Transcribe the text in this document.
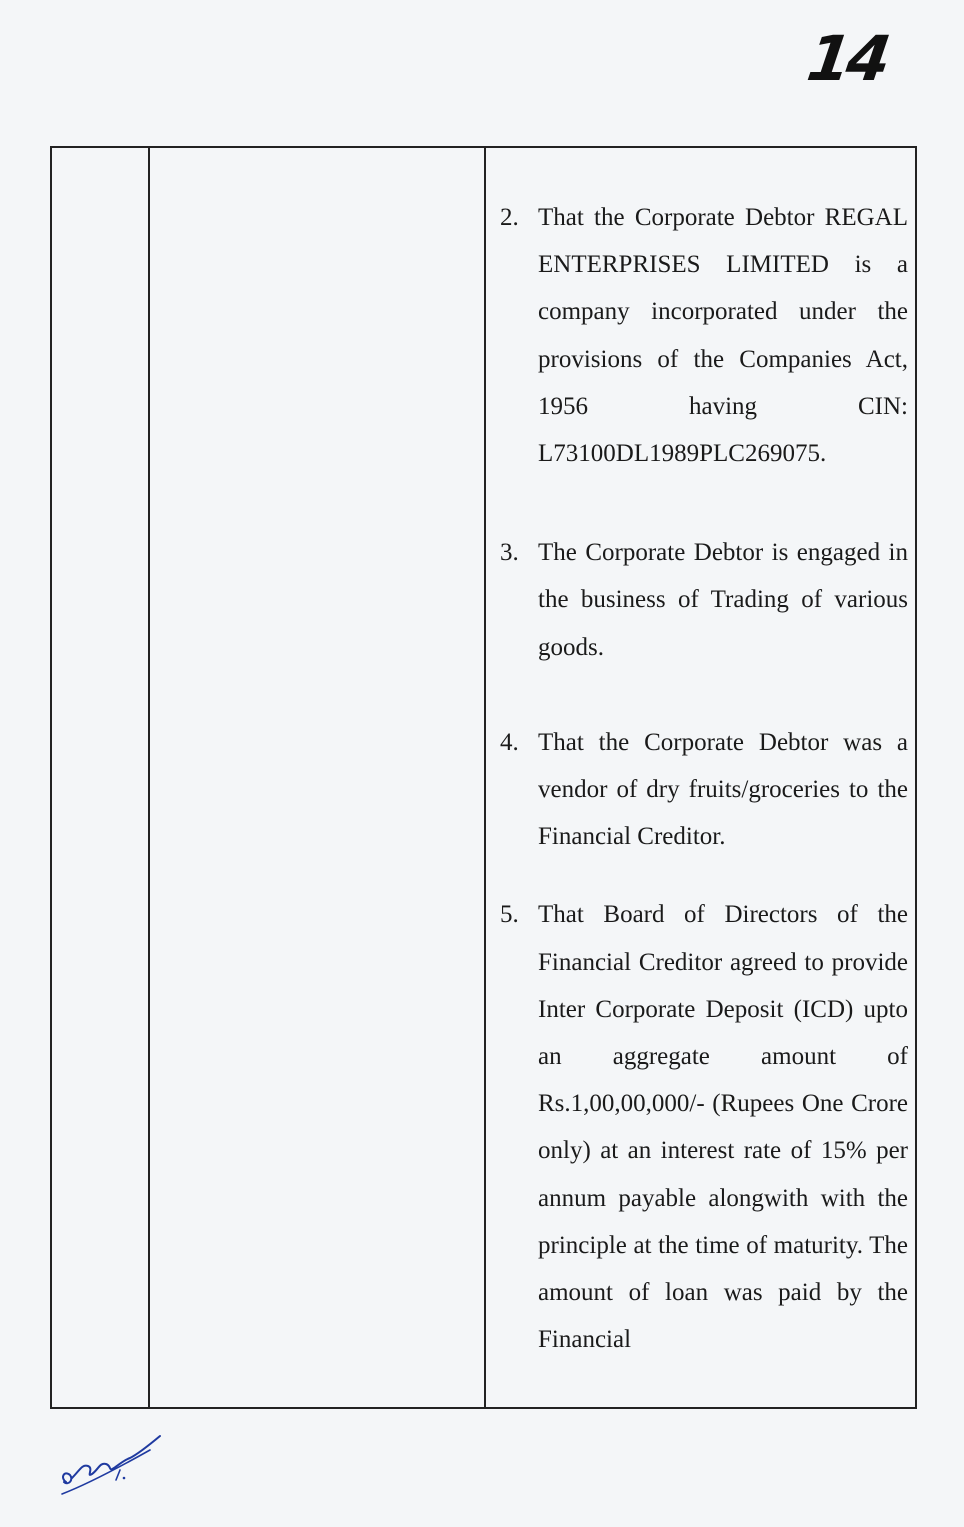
14
2. That the Corporate Debtor REGAL ENTERPRISES LIMITED is a company incorporated under the provisions of the Companies Act, 1956 having CIN: L73100DL1989PLC269075.
3. The Corporate Debtor is engaged in the business of Trading of various goods.
4. That the Corporate Debtor was a vendor of dry fruits/groceries to the Financial Creditor.
5. That Board of Directors of the Financial Creditor agreed to provide Inter Corporate Deposit (ICD) upto an aggregate amount of Rs.1,00,00,000/- (Rupees One Crore only) at an interest rate of 15% per annum payable alongwith with the principle at the time of maturity. The amount of loan was paid by the Financial
